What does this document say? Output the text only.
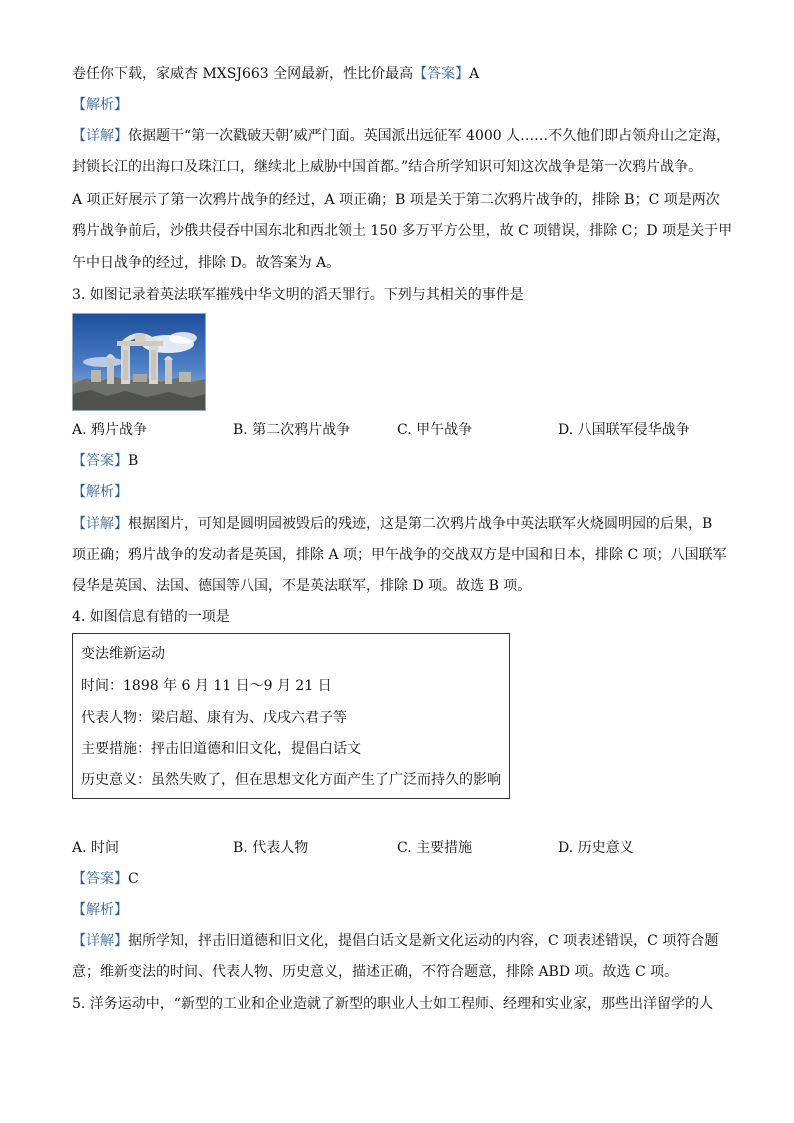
卷任你下载，家威杏 MXSJ663 全网最新，性比价最高【答案】A
【解析】
【详解】依据题干“第一次戳破天朝’威严门面。英国派出远征军 4000 人……不久他们即占领舟山之定海，
封锁长江的出海口及珠江口，继续北上威胁中国首都。”结合所学知识可知这次战争是第一次鸦片战争。
A 项正好展示了第一次鸦片战争的经过，A 项正确；B 项是关于第二次鸦片战争的，排除 B；C 项是两次
鸦片战争前后，沙俄共侵吞中国东北和西北领土 150 多万平方公里，故 C 项错误，排除 C；D 项是关于甲
午中日战争的经过，排除 D。故答案为 A。
3. 如图记录着英法联军摧残中华文明的滔天罪行。下列与其相关的事件是
A. 鸦片战争	B. 第二次鸦片战争	C. 甲午战争	D. 八国联军侵华战争
【答案】B
【解析】
【详解】根据图片，可知是圆明园被毁后的残迹，这是第二次鸦片战争中英法联军火烧圆明园的后果，B
项正确；鸦片战争的发动者是英国，排除 A 项；甲午战争的交战双方是中国和日本，排除 C 项；八国联军
侵华是英国、法国、德国等八国，不是英法联军，排除 D 项。故选 B 项。
4. 如图信息有错的一项是
变法维新运动
时间：1898 年 6 月 11 日～9 月 21 日
代表人物：梁启超、康有为、戊戌六君子等
主要措施：抨击旧道德和旧文化，提倡白话文
历史意义：虽然失败了，但在思想文化方面产生了广泛而持久的影响
A. 时间	B. 代表人物	C. 主要措施	D. 历史意义
【答案】C
【解析】
【详解】据所学知，抨击旧道德和旧文化，提倡白话文是新文化运动的内容，C 项表述错误，C 项符合题
意；维新变法的时间、代表人物、历史意义，描述正确，不符合题意，排除 ABD 项。故选 C 项。
5. 洋务运动中，“新型的工业和企业造就了新型的职业人士如工程师、经理和实业家，那些出洋留学的人
